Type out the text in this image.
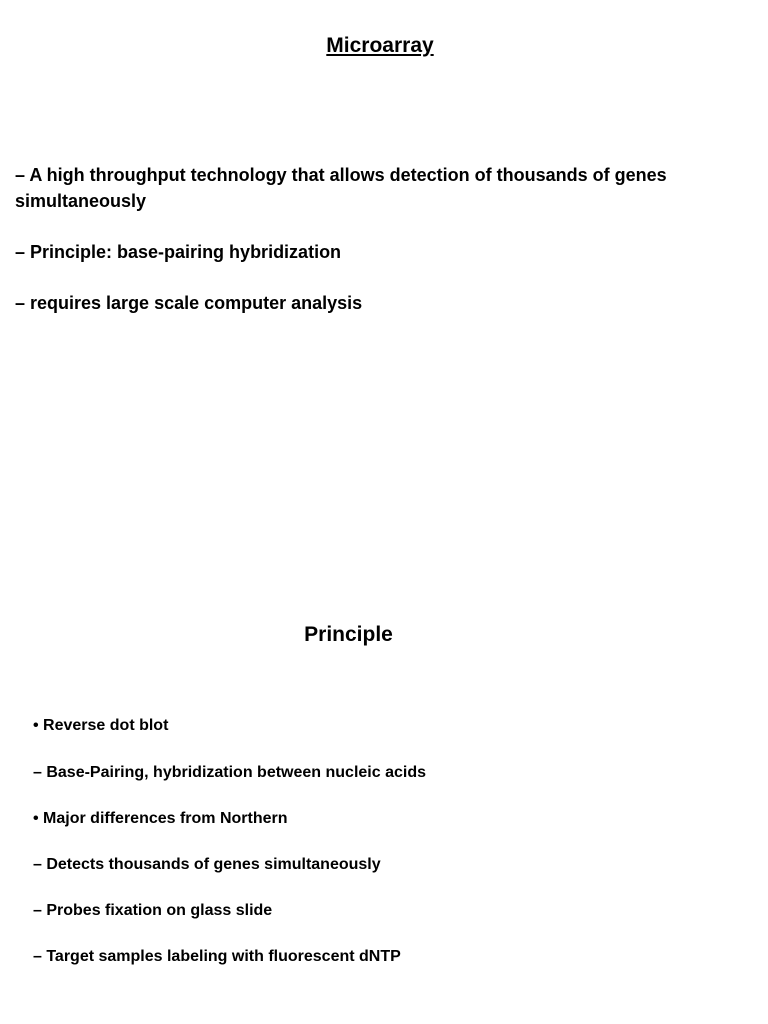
Microarray
– A high throughput technology that allows detection of thousands of genes simultaneously
– Principle: base-pairing hybridization
– requires large scale computer analysis
Principle
• Reverse dot blot
– Base-Pairing, hybridization between nucleic acids
• Major differences from Northern
– Detects thousands of genes simultaneously
– Probes fixation on glass slide
– Target samples labeling with fluorescent dNTP
